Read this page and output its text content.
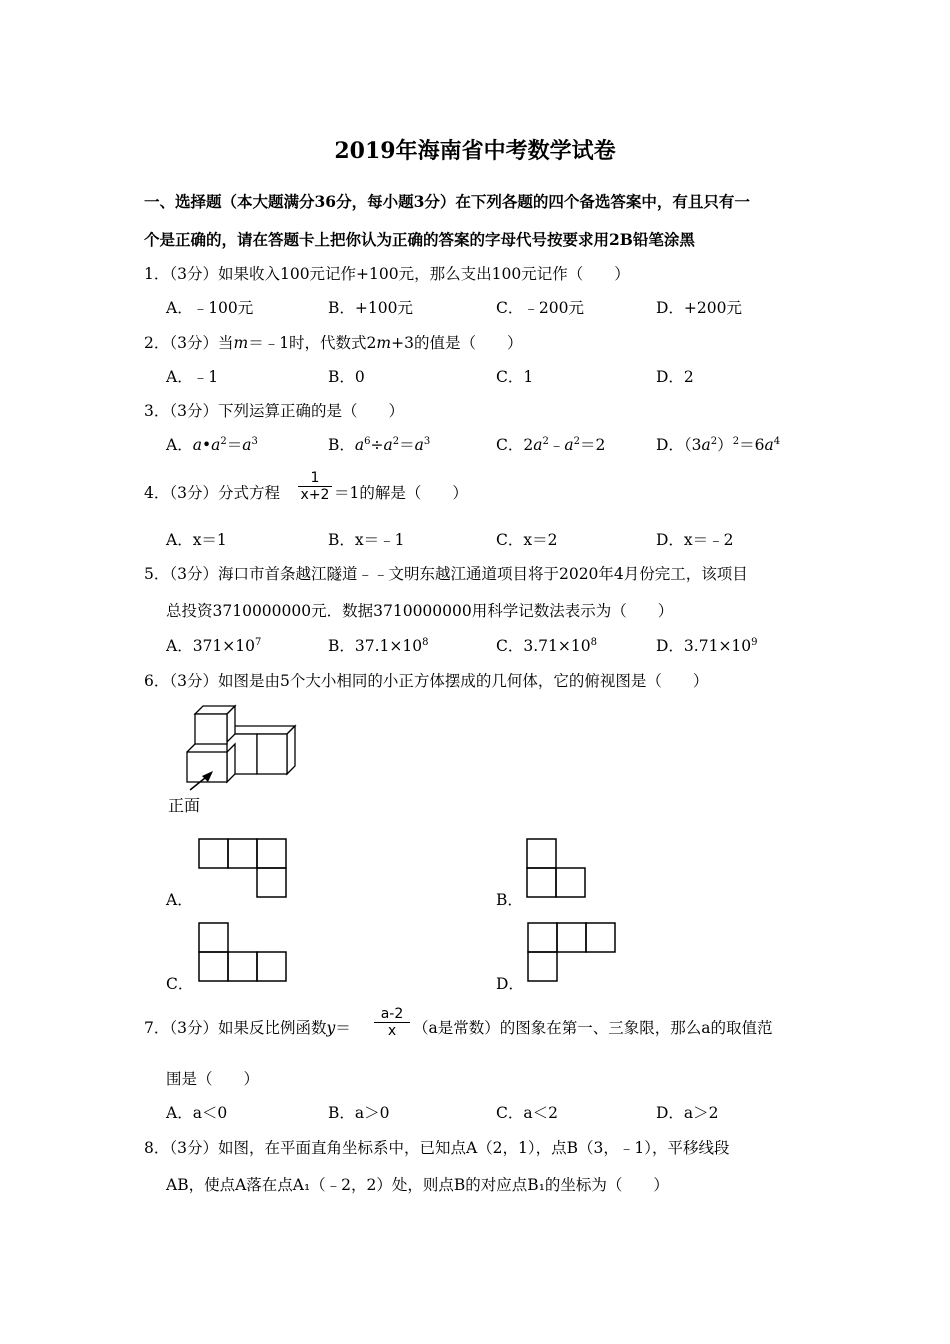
2019年海南省中考数学试卷
一、选择题（本大题满分36分，每小题3分）在下列各题的四个备选答案中，有且只有一
个是正确的，请在答题卡上把你认为正确的答案的字母代号按要求用2B铅笔涂黑
1．（3分）如果收入100元记作+100元，那么支出100元记作（　　）
A．﹣100元	B．+100元	C．﹣200元	D．+200元
2．（3分）当m＝﹣1时，代数式2m+3的值是（　　）
A．﹣1	B．0	C．1	D．2
3．（3分）下列运算正确的是（　　）
A．$a•a^2=a^3$	B．$a^6\div a^2=a^3$	C．$2a^2﹣a^2=2$	D．$(3a^2)^2=6a^4$
4．（3分）分式方程 $\frac{1}{x+2} =1$的解是（　　）
A．x＝1	B．x＝﹣1	C．x＝2	D．x＝﹣2
5．（3分）海口市首条越江隧道﹣﹣文明东越江通道项目将于2020年4月份完工，该项目
总投资3710000000元．数据3710000000用科学记数法表示为（　　）
A．$371\times 10^7$	B．$37.1\times 10^8$	C．$3.71\times 10^8$	D．$3.71\times 10^9$
6．（3分）如图是由5个大小相同的小正方体摆成的几何体，它的俯视图是（　　）
正面
A．	B．
C．	D．
7．（3分）如果反比例函数$y= \frac{a-2}{x} (a$是常数）的图象在第一、三象限，那么a的取值范
围是（　　）
A．a＜0	B．a＞0	C．a＜2	D．a＞2
8．（3分）如图，在平面直角坐标系中，已知点A（2，1），点B（3，﹣1），平移线段
AB，使点A落在点A₁（﹣2，2）处，则点B的对应点B₁的坐标为（　　）
